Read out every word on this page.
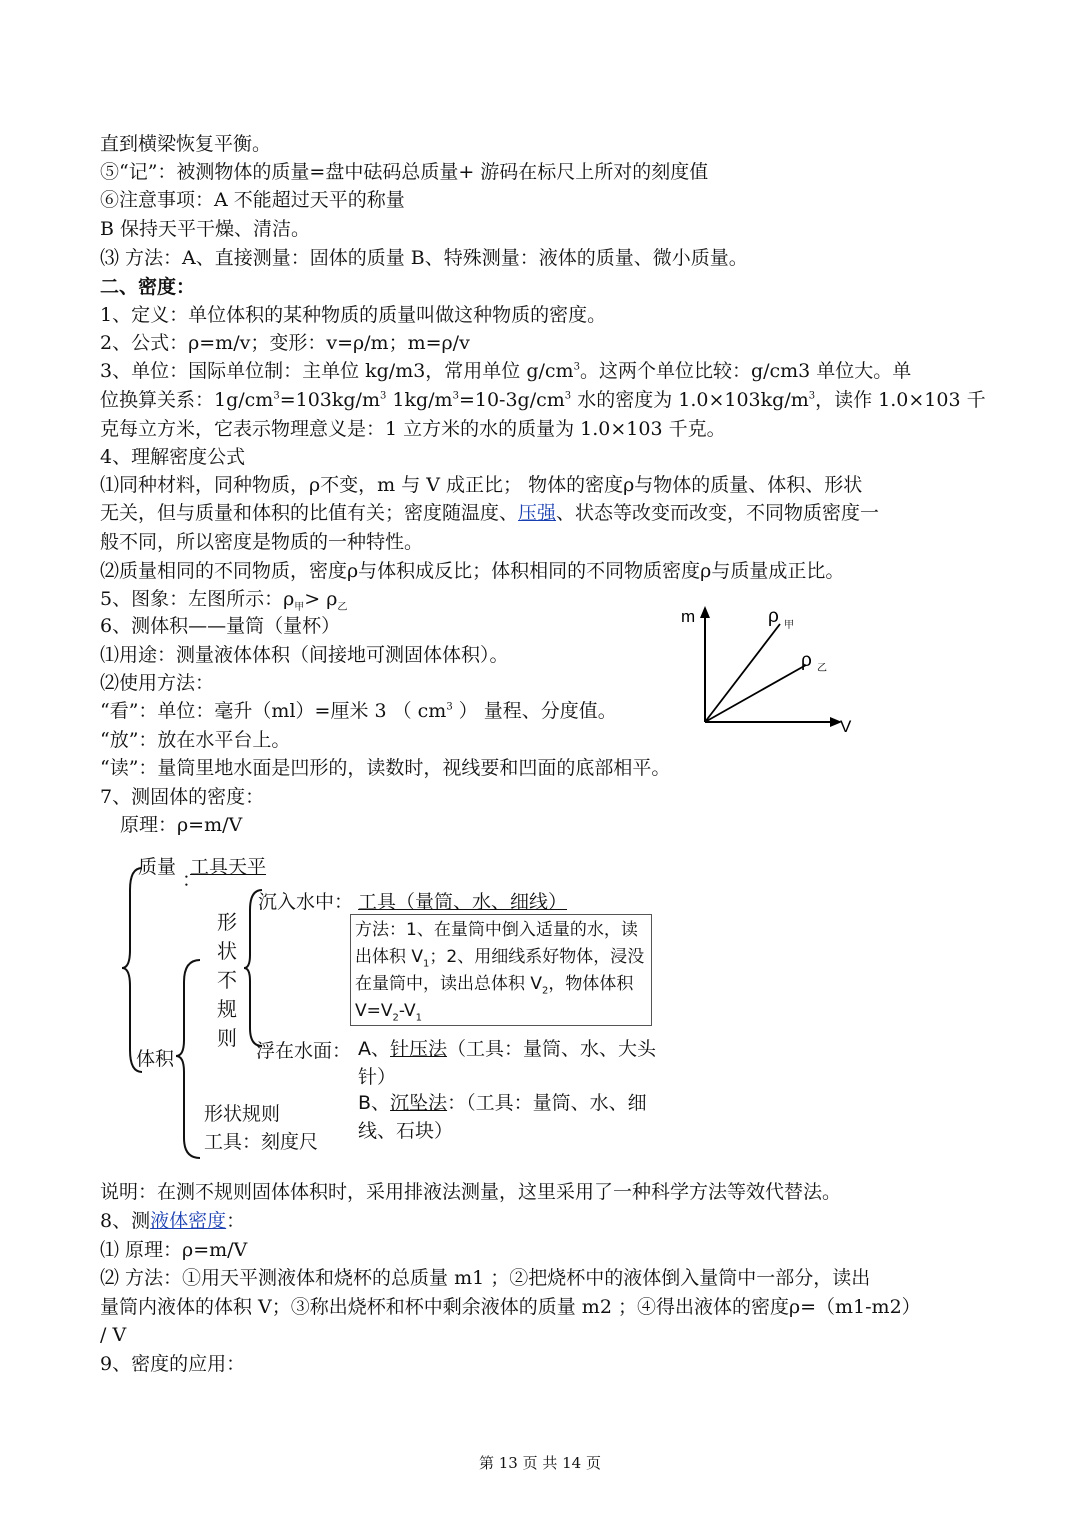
直到横梁恢复平衡。
⑤“记”：被测物体的质量=盘中砝码总质量+ 游码在标尺上所对的刻度值
⑥注意事项：A 不能超过天平的称量
B 保持天平干燥、清洁。
⑶ 方法：A、直接测量：固体的质量 B、特殊测量：液体的质量、微小质量。
二、密度：
1、定义：单位体积的某种物质的质量叫做这种物质的密度。
2、公式：ρ=m/v；变形：v=ρ/m；m=ρ/v
3、单位：国际单位制：主单位 kg/m3，常用单位 $g/cm^3$。这两个单位比较：g/cm3 单位大。单
位换算关系：$1g/cm^3=103kg/m^3$ $1kg/m^3=10-3g/cm^3$ 水的密度为 $1.0\times 103kg/m^3$，读作 1.0×103 千
克每立方米，它表示物理意义是：1 立方米的水的质量为 1.0×103 千克。
4、理解密度公式
⑴同种材料，同种物质，ρ不变，m 与 V 成正比； 物体的密度ρ与物体的质量、体积、形状
无关，但与质量和体积的比值有关；密度随温度、压强、状态等改变而改变，不同物质密度一
般不同，所以密度是物质的一种特性。
⑵质量相同的不同物质，密度ρ与体积成反比；体积相同的不同物质密度ρ与质量成正比。
5、图象：左图所示：$\rho_甲> \rho_乙$
6、测体积——量筒（量杯）
⑴用途：测量液体体积（间接地可测固体体积）。
⑵使用方法：
“看”：单位：毫升（ml）=厘米 3 （ $cm^3$ ） 量程、分度值。
“放”：放在水平台上。
“读”：量筒里地水面是凹形的，读数时，视线要和凹面的底部相平。
7、测固体的密度：
原理：ρ=m/V
m
V
ρ 甲
ρ 乙
质量
：
工具天平
形
状
不
规
则
沉入水中： 工具（量筒、水、细线）
方法：1、在量筒中倒入适量的水，读出体积 $V_1$；2、用细线系好物体，浸没在量筒中，读出总体积 $V_2$，物体体积 $V=V_2-V_1$
体积	浮在水面： A、针压法（工具：量筒、水、大头
针）
B、沉坠法：（工具：量筒、水、细
线、石块）
形状规则
工具：刻度尺
说明：在测不规则固体体积时，采用排液法测量，这里采用了一种科学方法等效代替法。
8、测液体密度：
⑴ 原理：ρ=m/V
⑵ 方法：①用天平测液体和烧杯的总质量 m1 ；②把烧杯中的液体倒入量筒中一部分，读出
量筒内液体的体积 V；③称出烧杯和杯中剩余液体的质量 m2 ；④得出液体的密度ρ=（m1-m2）
/ V
9、密度的应用：
第 13 页 共 14 页
